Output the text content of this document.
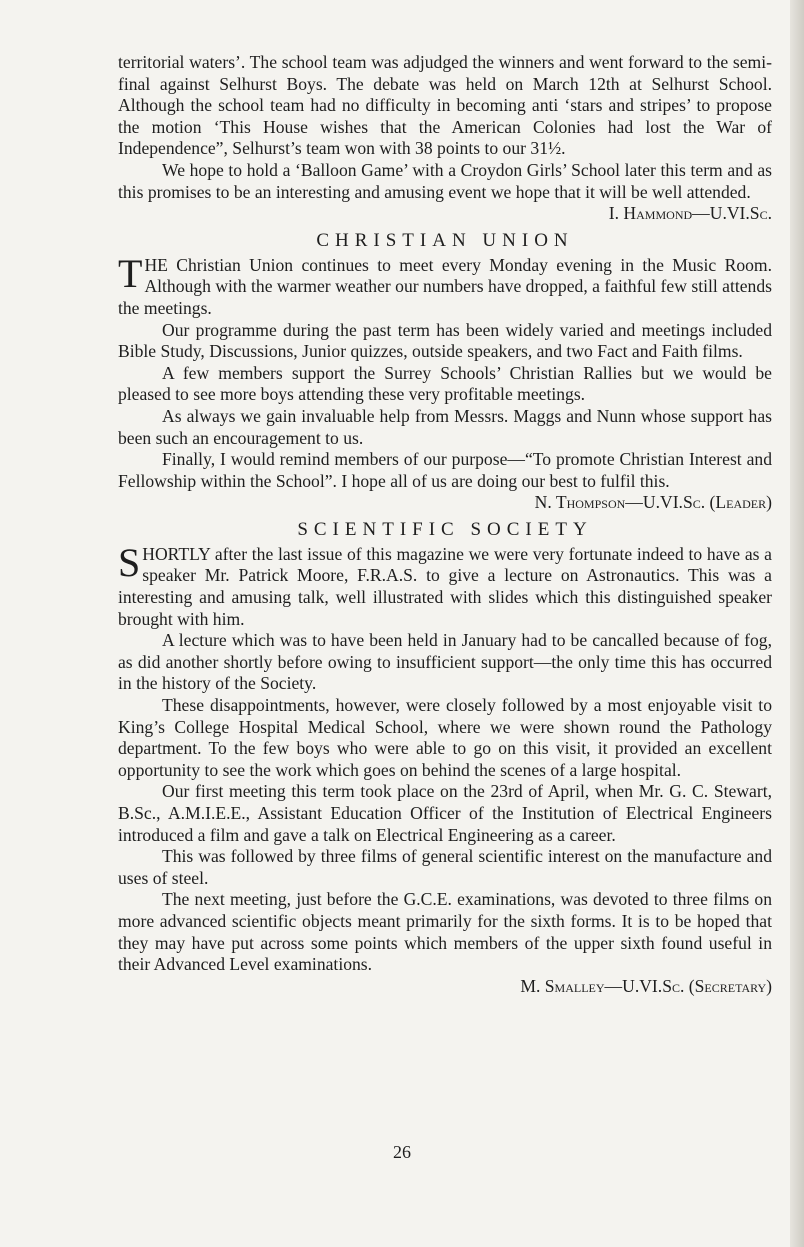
territorial waters’. The school team was adjudged the winners and went forward to the semi-final against Selhurst Boys. The debate was held on March 12th at Selhurst School. Although the school team had no difficulty in becoming anti ‘stars and stripes’ to propose the motion ‘This House wishes that the American Colonies had lost the War of Independence”, Selhurst’s team won with 38 points to our 31½.

We hope to hold a ‘Balloon Game’ with a Croydon Girls’ School later this term and as this promises to be an interesting and amusing event we hope that it will be well attended.

I. Hammond—U.VI.Sc.
CHRISTIAN UNION

THE Christian Union continues to meet every Monday evening in the Music Room. Although with the warmer weather our numbers have dropped, a faithful few still attends the meetings.

Our programme during the past term has been widely varied and meetings included Bible Study, Discussions, Junior quizzes, outside speakers, and two Fact and Faith films.

A few members support the Surrey Schools’ Christian Rallies but we would be pleased to see more boys attending these very profitable meetings.

As always we gain invaluable help from Messrs. Maggs and Nunn whose support has been such an encouragement to us.

Finally, I would remind members of our purpose—“To promote Christian Interest and Fellowship within the School”. I hope all of us are doing our best to fulfil this.

N. Thompson—U.VI.Sc. (Leader)
SCIENTIFIC SOCIETY

SHORTLY after the last issue of this magazine we were very fortunate indeed to have as a speaker Mr. Patrick Moore, F.R.A.S. to give a lecture on Astronautics. This was a interesting and amusing talk, well illustrated with slides which this distinguished speaker brought with him.

A lecture which was to have been held in January had to be cancalled because of fog, as did another shortly before owing to insufficient support—the only time this has occurred in the history of the Society.

These disappointments, however, were closely followed by a most enjoyable visit to King’s College Hospital Medical School, where we were shown round the Pathology department. To the few boys who were able to go on this visit, it provided an excellent opportunity to see the work which goes on behind the scenes of a large hospital.

Our first meeting this term took place on the 23rd of April, when Mr. G. C. Stewart, B.Sc., A.M.I.E.E., Assistant Education Officer of the Institution of Electrical Engineers introduced a film and gave a talk on Electrical Engineering as a career.

This was followed by three films of general scientific interest on the manufacture and uses of steel.

The next meeting, just before the G.C.E. examinations, was devoted to three films on more advanced scientific objects meant primarily for the sixth forms. It is to be hoped that they may have put across some points which members of the upper sixth found useful in their Advanced Level examinations.

M. Smalley—U.VI.Sc. (Secretary)
26
